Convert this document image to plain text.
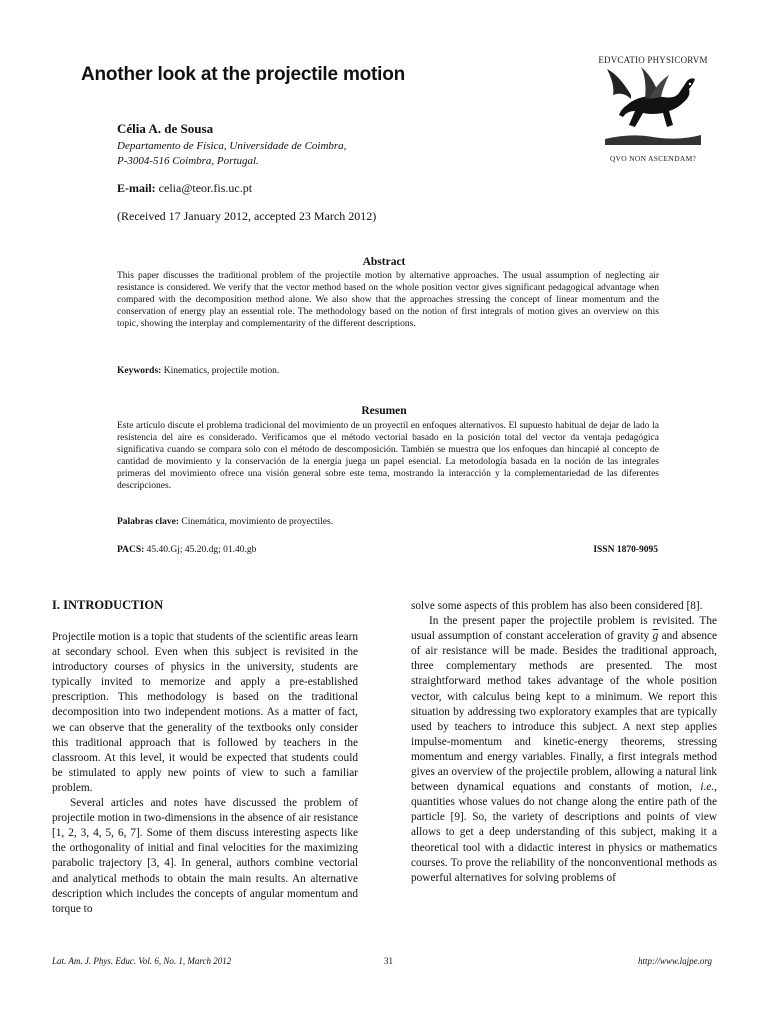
Another look at the projectile motion
Célia A. de Sousa
Departamento de Física, Universidade de Coimbra,
P-3004-516 Coimbra, Portugal.
E-mail: celia@teor.fis.uc.pt
(Received 17 January 2012, accepted 23 March 2012)
EDVCATIO PHYSICORVM
QVO NON ASCENDAM?
Abstract
This paper discusses the traditional problem of the projectile motion by alternative approaches. The usual assumption of neglecting air resistance is considered. We verify that the vector method based on the whole position vector gives significant pedagogical advantage when compared with the decomposition method alone. We also show that the approaches stressing the concept of linear momentum and the conservation of energy play an essential role. The methodology based on the notion of first integrals of motion gives an overview on this topic, showing the interplay and complementarity of the different descriptions.
Keywords: Kinematics, projectile motion.
Resumen
Este artículo discute el problema tradicional del movimiento de un proyectil en enfoques alternativos. El supuesto habitual de dejar de lado la resistencia del aire es considerado. Verificamos que el método vectorial basado en la posición total del vector da ventaja pedagógica significativa cuando se compara solo con el método de descomposición. También se muestra que los enfoques dan hincapié al concepto de cantidad de movimiento y la conservación de la energía juega un papel esencial. La metodología basada en la noción de las integrales primeras del movimiento ofrece una visión general sobre este tema, mostrando la interacción y la complementariedad de las diferentes descripciones.
Palabras clave: Cinemática, movimiento de proyectiles.
PACS: 45.40.Gj; 45.20.dg; 01.40.gb	ISSN 1870-9095
I. INTRODUCTION

Projectile motion is a topic that students of the scientific areas learn at secondary school. Even when this subject is revisited in the introductory courses of physics in the university, students are typically invited to memorize and apply a pre-established prescription. This methodology is based on the traditional decomposition into two independent motions. As a matter of fact, we can observe that the generality of the textbooks only consider this traditional approach that is followed by teachers in the classroom. At this level, it would be expected that students could be stimulated to apply new points of view to such a familiar problem.

Several articles and notes have discussed the problem of projectile motion in two-dimensions in the absence of air resistance [1, 2, 3, 4, 5, 6, 7]. Some of them discuss interesting aspects like the orthogonality of initial and final velocities for the maximizing parabolic trajectory [3, 4]. In general, authors combine vectorial and analytical methods to obtain the main results. An alternative description which includes the concepts of angular momentum and torque to

solve some aspects of this problem has also been considered [8].

In the present paper the projectile problem is revisited. The usual assumption of constant acceleration of gravity $\overline{g}$ and absence of air resistance will be made. Besides the traditional approach, three complementary methods are presented. The most straightforward method takes advantage of the whole position vector, with calculus being kept to a minimum. We report this situation by addressing two exploratory examples that are typically used by teachers to introduce this subject. A next step applies impulse-momentum and kinetic-energy theorems, stressing momentum and energy variables. Finally, a first integrals method gives an overview of the projectile problem, allowing a natural link between dynamical equations and constants of motion, i.e., quantities whose values do not change along the entire path of the particle [9]. So, the variety of descriptions and points of view allows to get a deep understanding of this subject, making it a theoretical tool with a didactic interest in physics or mathematics courses. To prove the reliability of the nonconventional methods as powerful alternatives for solving problems of

Lat. Am. J. Phys. Educ. Vol. 6, No. 1, March 2012	31	http://www.lajpe.org
